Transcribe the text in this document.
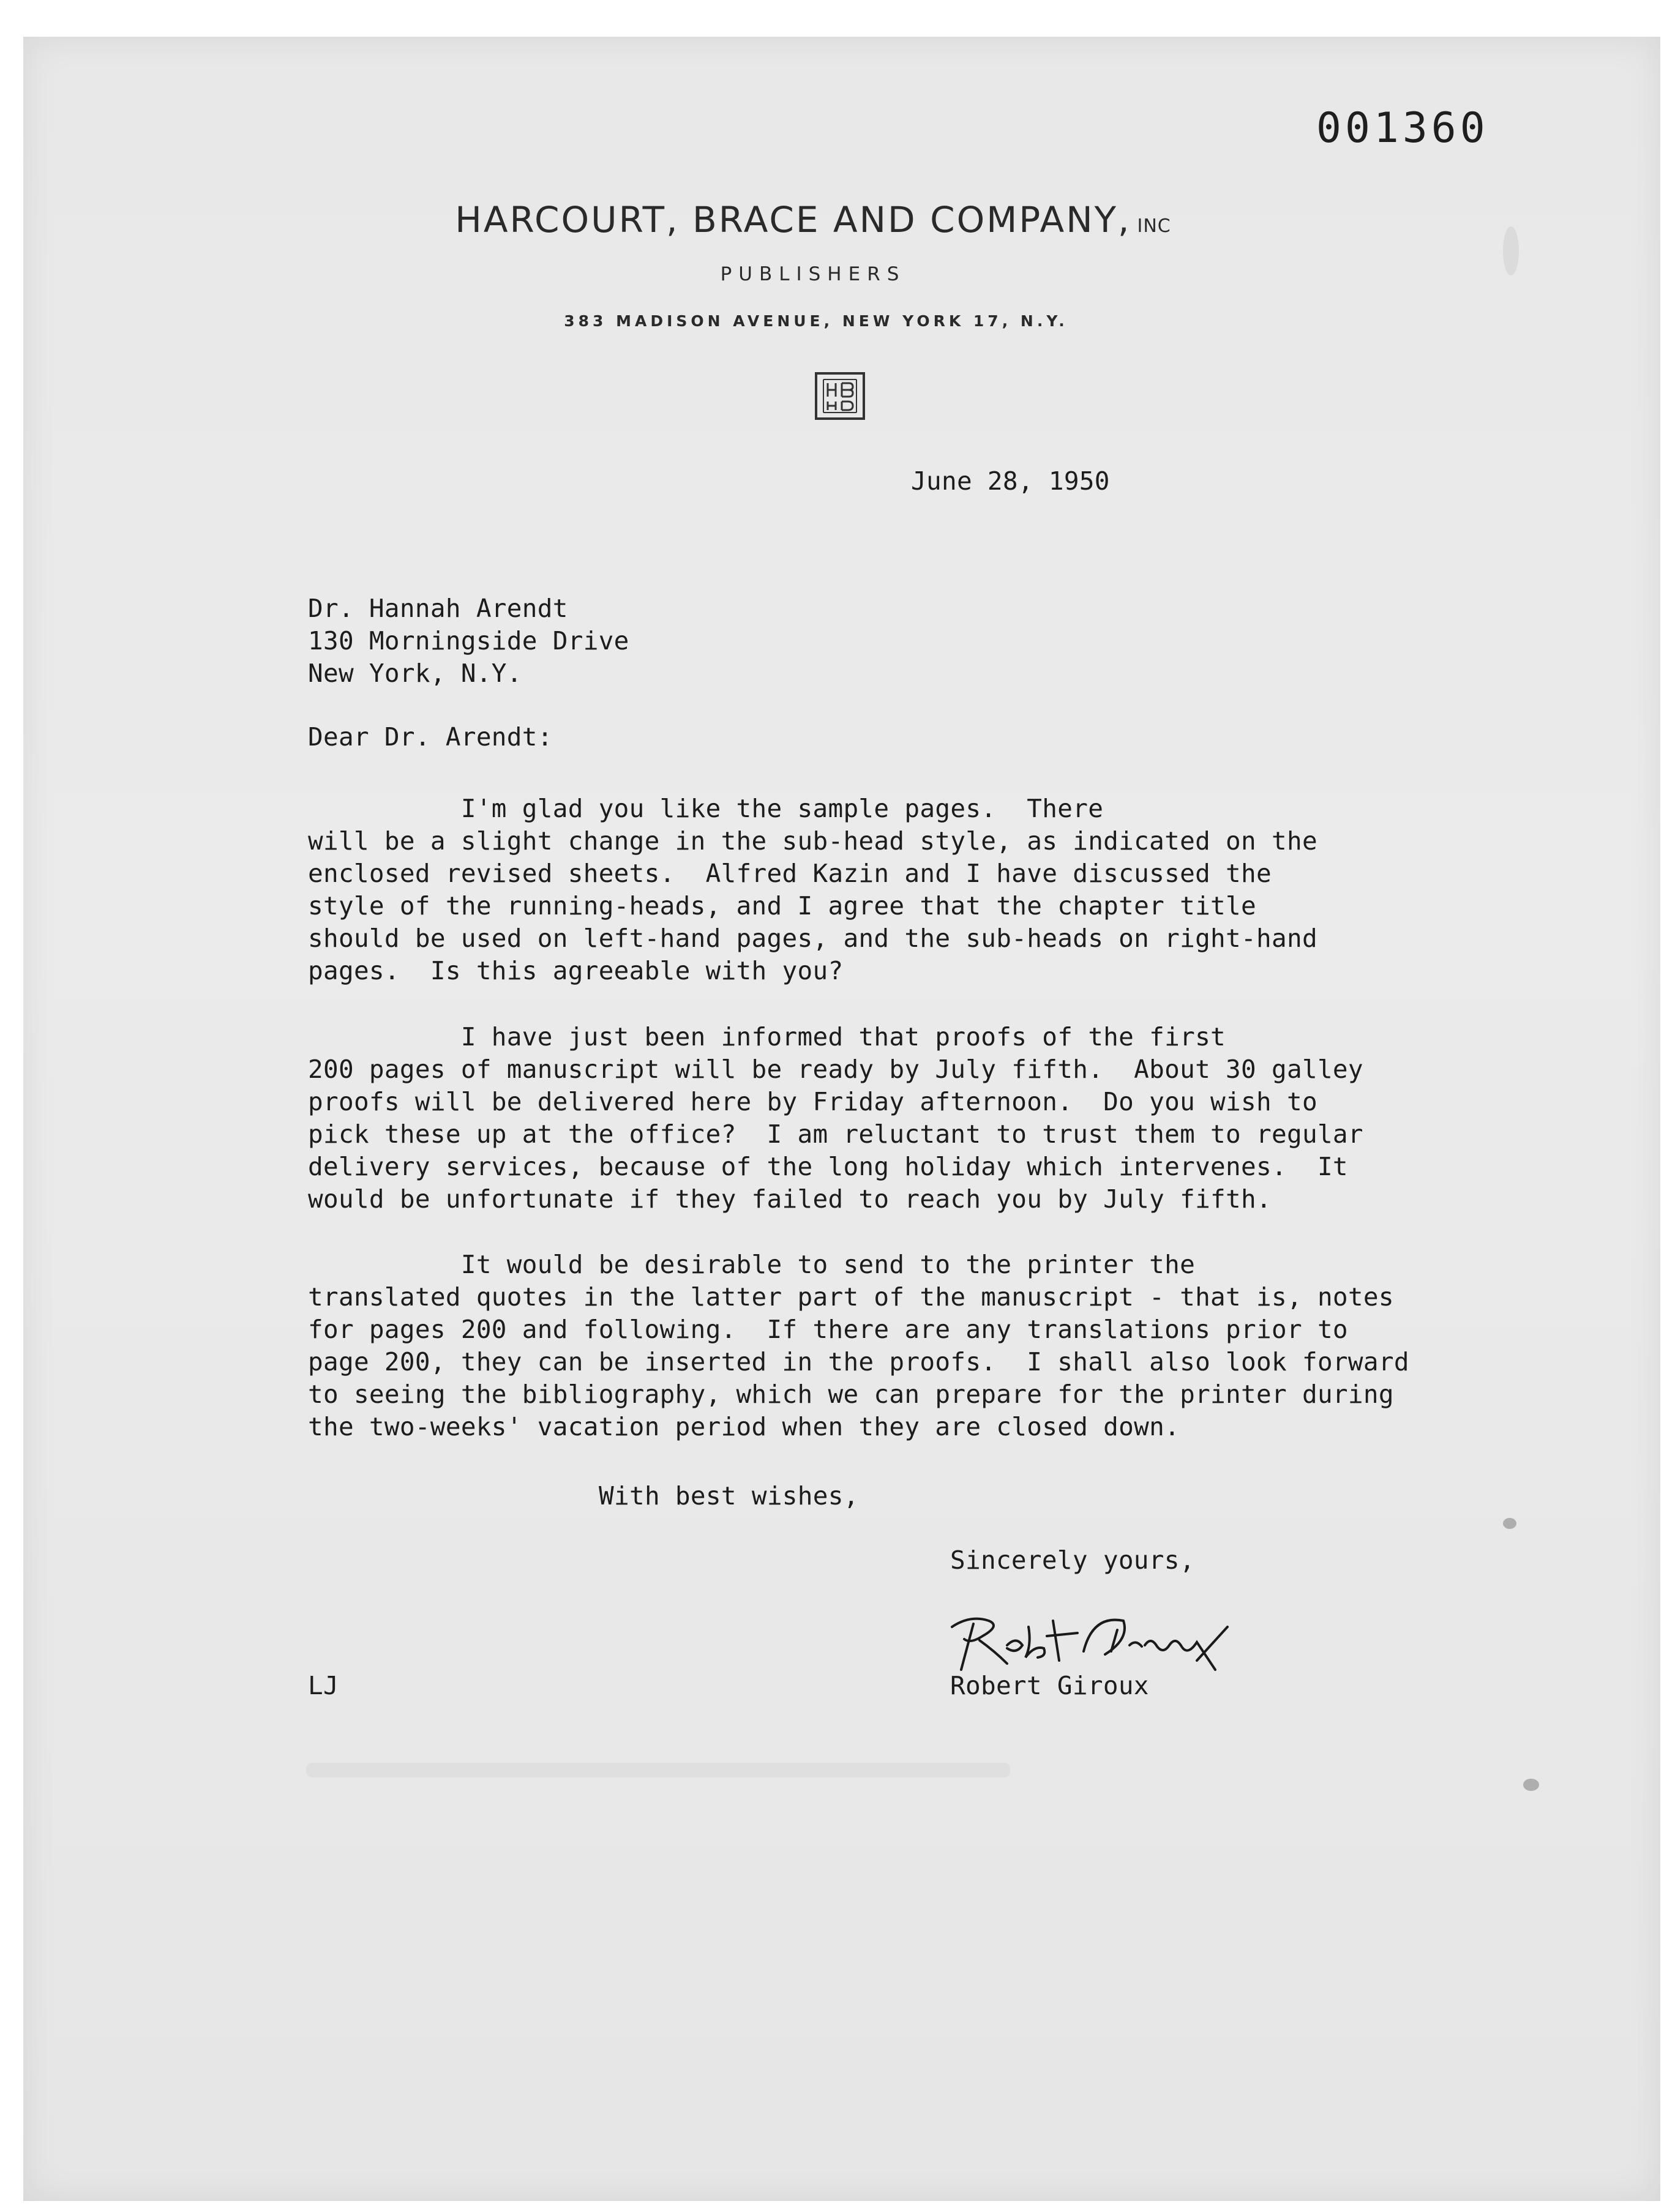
001360
HARCOURT, BRACE AND COMPANY, INC
PUBLISHERS
383 MADISON AVENUE, NEW YORK 17, N.Y.
June 28, 1950
Dr. Hannah Arendt
130 Morningside Drive
New York, N.Y.
Dear Dr. Arendt:
I'm glad you like the sample pages.  There
will be a slight change in the sub-head style, as indicated on the
enclosed revised sheets.  Alfred Kazin and I have discussed the
style of the running-heads, and I agree that the chapter title
should be used on left-hand pages, and the sub-heads on right-hand
pages.  Is this agreeable with you?
I have just been informed that proofs of the first
200 pages of manuscript will be ready by July fifth.  About 30 galley
proofs will be delivered here by Friday afternoon.  Do you wish to
pick these up at the office?  I am reluctant to trust them to regular
delivery services, because of the long holiday which intervenes.  It
would be unfortunate if they failed to reach you by July fifth.
It would be desirable to send to the printer the
translated quotes in the latter part of the manuscript - that is, notes
for pages 200 and following.  If there are any translations prior to
page 200, they can be inserted in the proofs.  I shall also look forward
to seeing the bibliography, which we can prepare for the printer during
the two-weeks' vacation period when they are closed down.
With best wishes,
Sincerely yours,
LJ	Robert Giroux
